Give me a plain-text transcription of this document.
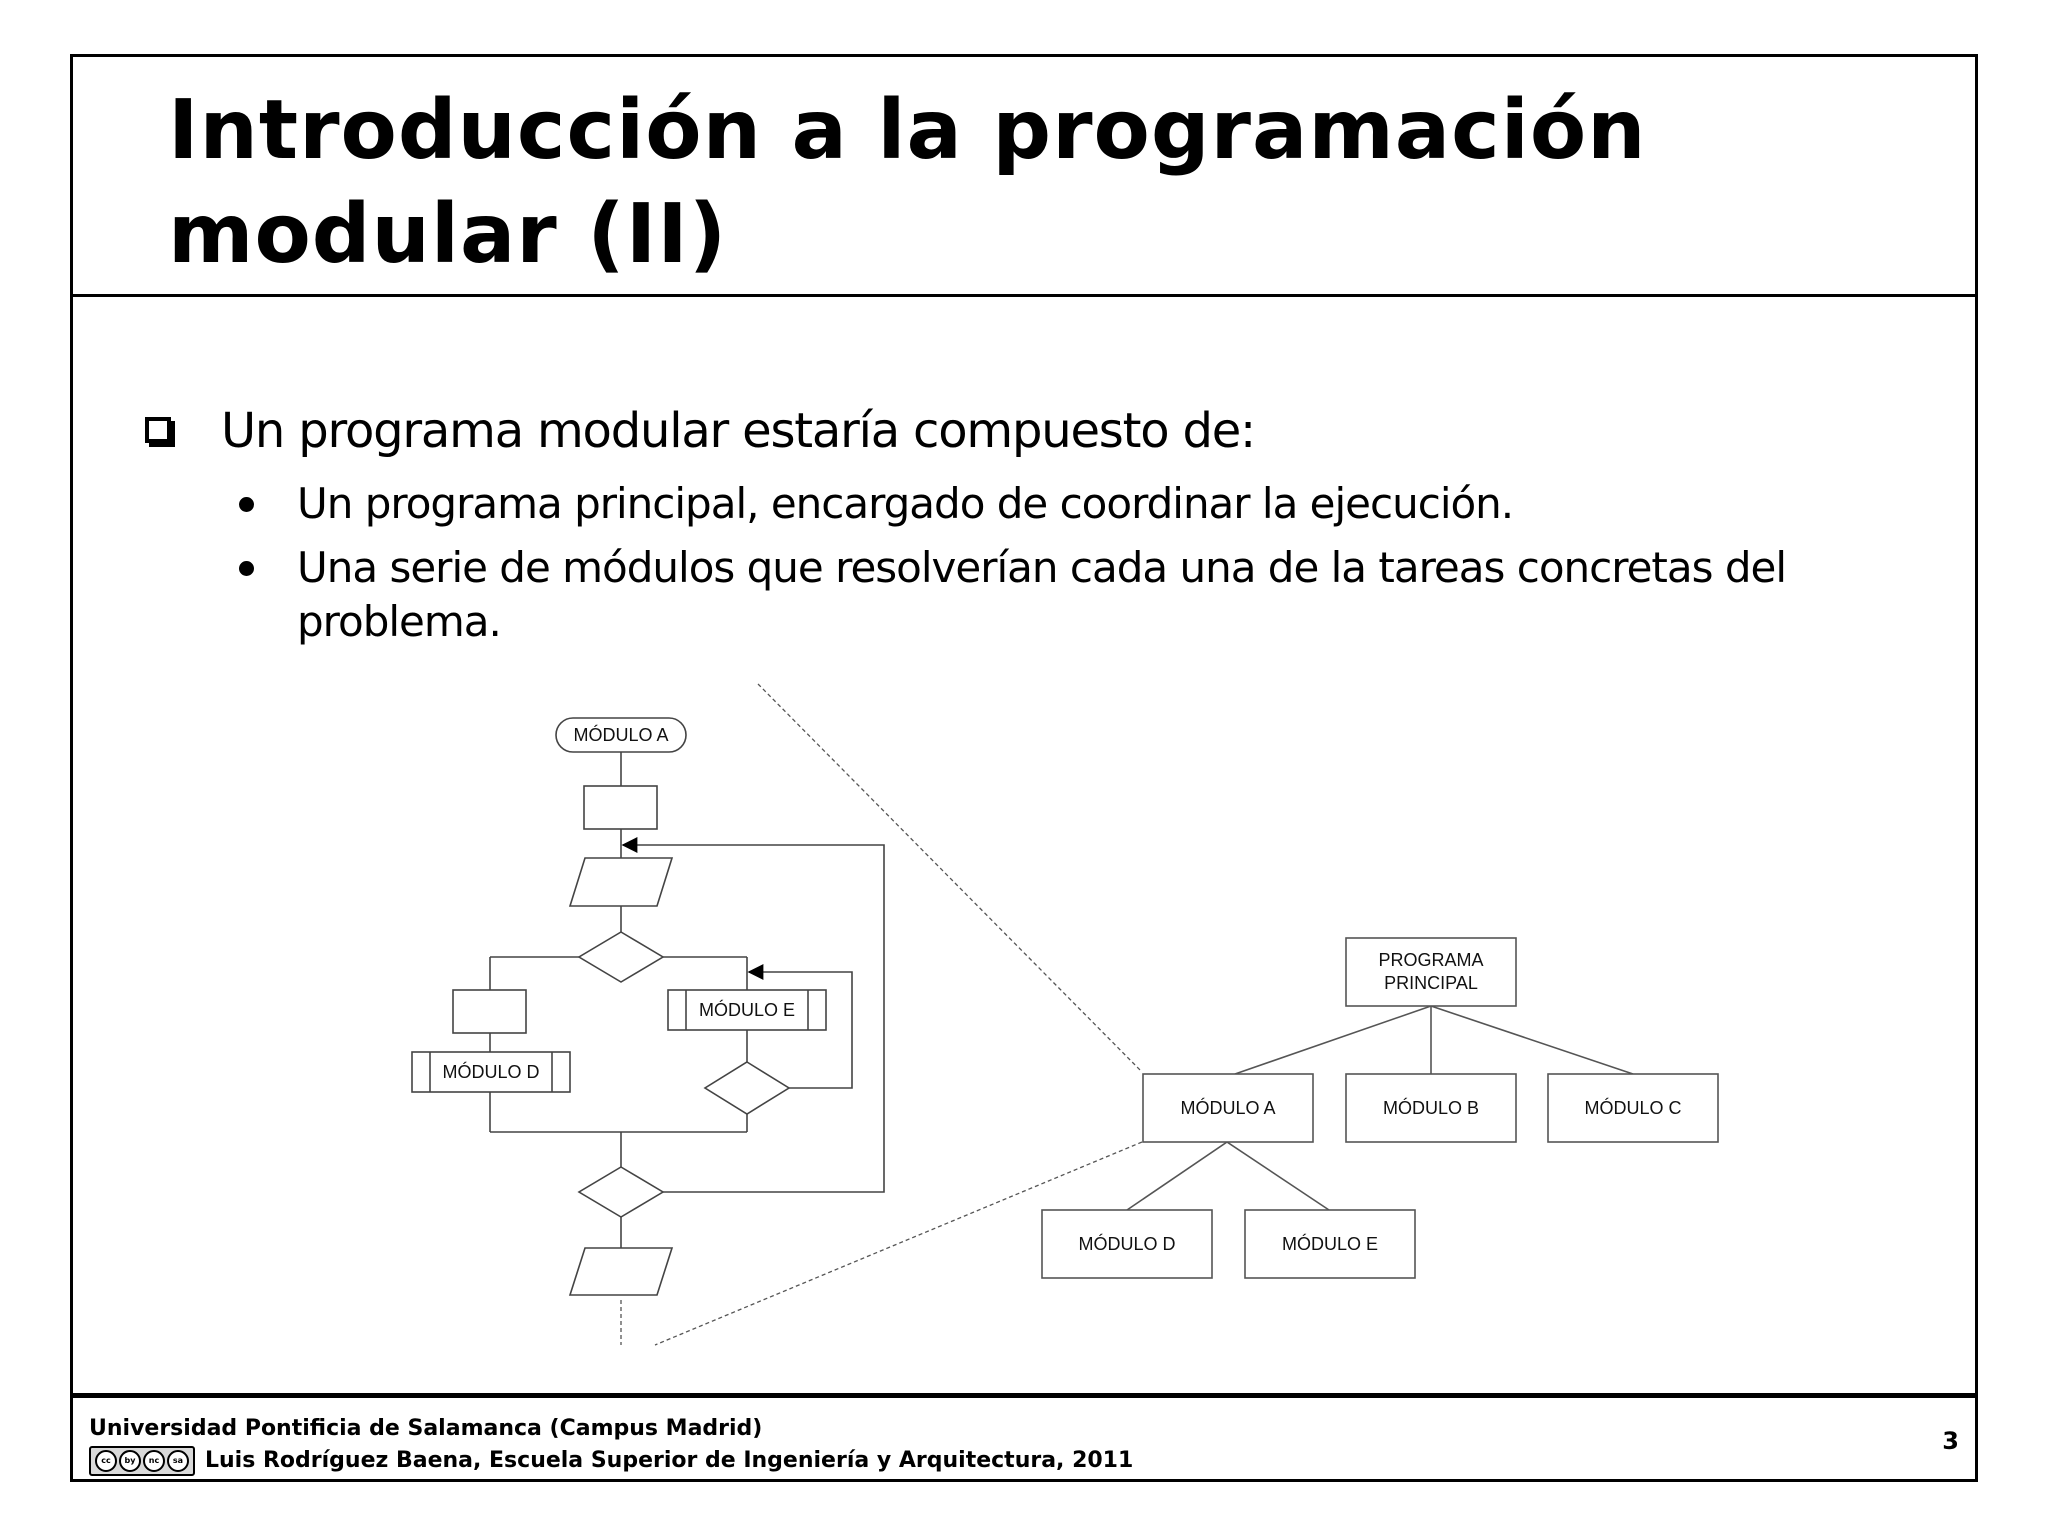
Introducción a la programación
modular (II)
Un programa modular estaría compuesto de:
Un programa principal, encargado de coordinar la ejecución.
Una serie de módulos que resolverían cada una de la tareas concretas del problema.
Universidad Pontificia de Salamanca (Campus Madrid)
cc	by	nc	sa Luis Rodríguez Baena, Escuela Superior de Ingeniería y Arquitectura, 2011
3
MÓDULO A
MÓDULO E
MÓDULO D
PROGRAMA
PRINCIPAL
MÓDULO A	MÓDULO B	MÓDULO C
MÓDULO D	MÓDULO E
